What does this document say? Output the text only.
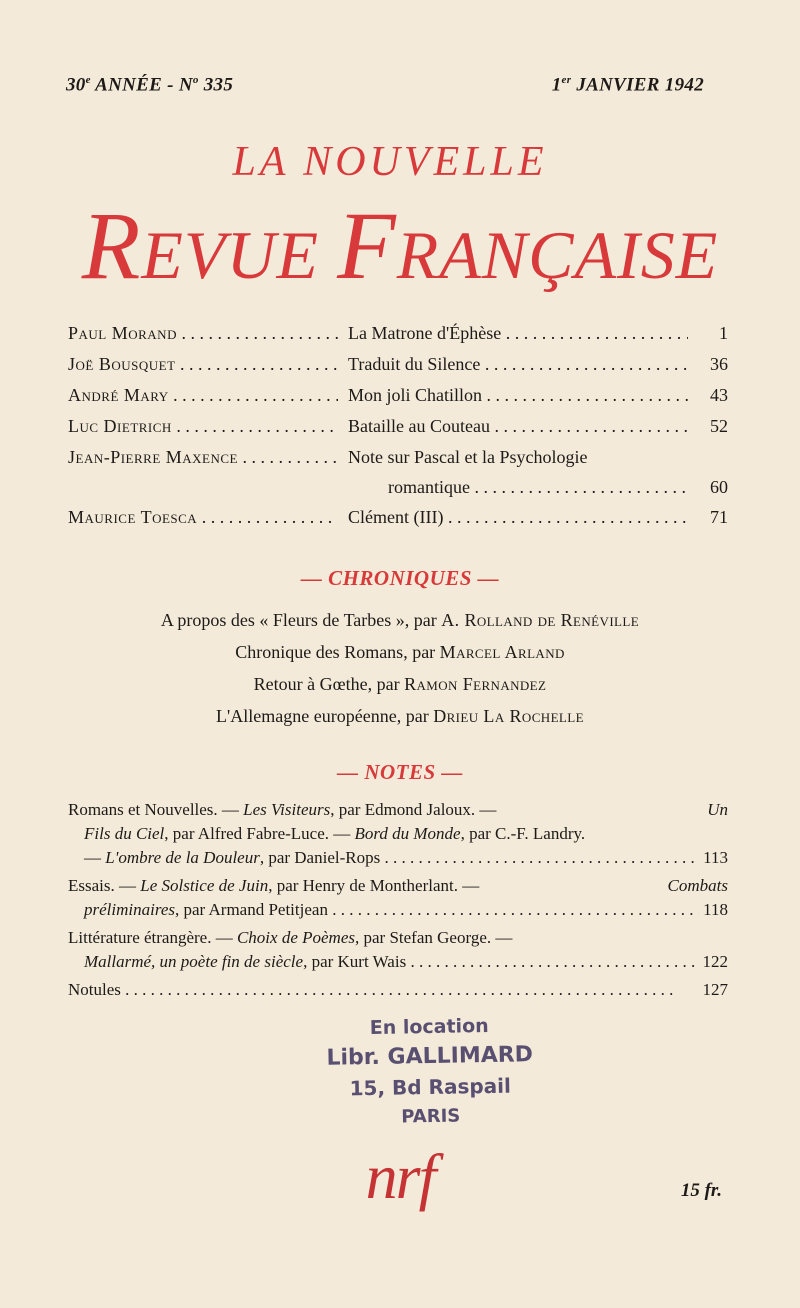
30e ANNÉE - $N^o$ 335	1er JANVIER 1942
LA NOUVELLE
REVUE FRANÇAISE
Paul Morand . . .	La Matrone d'Éphèse . . .	1
Joë Bousquet . . .	Traduit du Silence . . .	36
André Mary . . .	Mon joli Chatillon . . .	43
Luc Dietrich . . .	Bataille au Couteau . . .	52
Jean-Pierre Maxence . . .	Note sur Pascal et la Psychologie
romantique . . .	60
Maurice Toesca . . .	Clément (III) . . .	71
— CHRONIQUES —
A propos des « Fleurs de Tarbes », par A. Rolland de Renéville
Chronique des Romans, par Marcel Arland
Retour à Gœthe, par Ramon Fernandez
L'Allemagne européenne, par Drieu La Rochelle
— NOTES —
Romans et Nouvelles. — Les Visiteurs, par Edmond Jaloux. —	Un
Fils du Ciel, par Alfred Fabre-Luce. — Bord du Monde, par C.-F. Landry.
— L'ombre de la Douleur, par Daniel-Rops	113
. . .
Essais. — Le Solstice de Juin, par Henry de Montherlant. —	Combats
préliminaires, par Armand Petitjean	118
. . .
Littérature étrangère. — Choix de Poèmes, par Stefan George. —
Mallarmé, un poète fin de siècle, par Kurt Wais	122
. . .
Notules	127
. . .
En location
Libr. GALLIMARD
15, Bd Raspail
PARIS
nrf	15 fr.
